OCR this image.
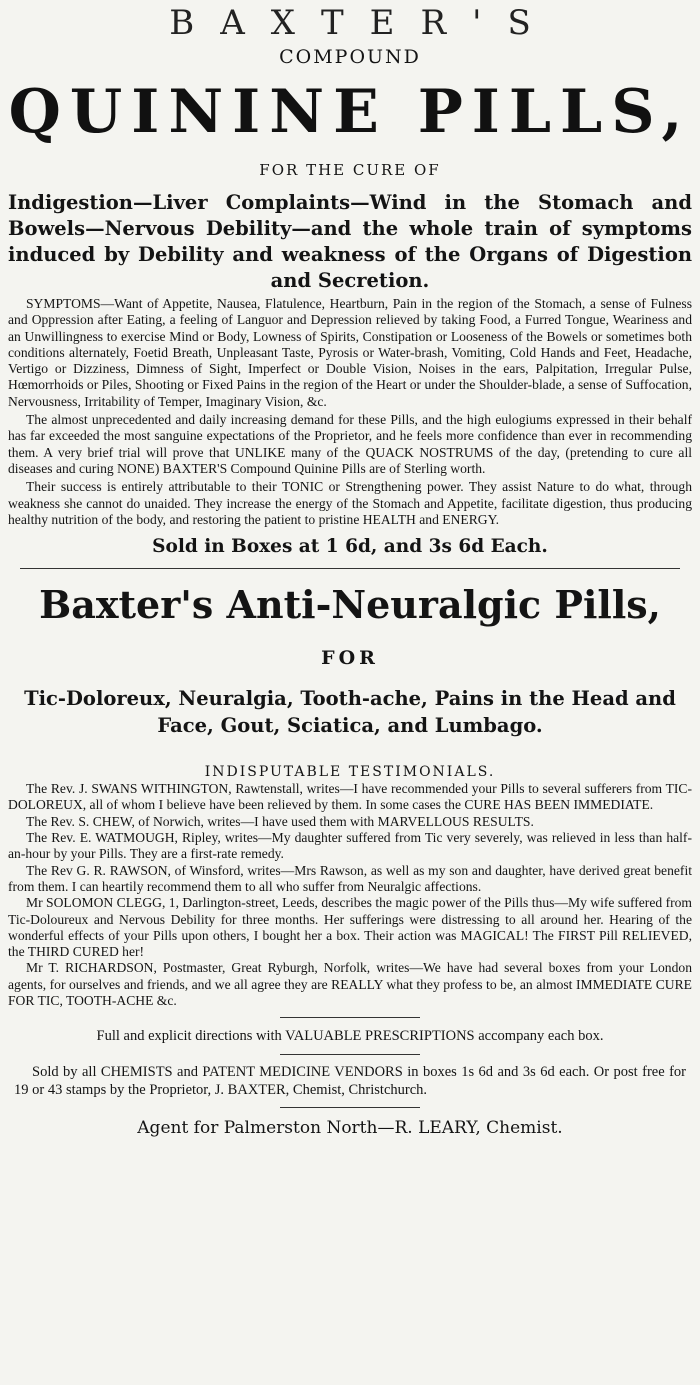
BAXTER'S

COMPOUND

QUININE PILLS,

FOR THE CURE OF

Indigestion—Liver Complaints—Wind in the Stomach and Bowels—Nervous Debility—and the whole train of symptoms induced by Debility and weakness of the Organs of Digestion and Secretion.

SYMPTOMS—Want of Appetite, Nausea, Flatulence, Heartburn, Pain in the region of the Stomach, a sense of Fulness and Oppression after Eating, a feeling of Languor and Depression relieved by taking Food, a Furred Tongue, Weariness and an Unwillingness to exercise Mind or Body, Lowness of Spirits, Constipation or Looseness of the Bowels or sometimes both conditions alternately, Foetid Breath, Unpleasant Taste, Pyrosis or Water-brash, Vomiting, Cold Hands and Feet, Headache, Vertigo or Dizziness, Dimness of Sight, Imperfect or Double Vision, Noises in the ears, Palpitation, Irregular Pulse, Hœmorrhoids or Piles, Shooting or Fixed Pains in the region of the Heart or under the Shoulder-blade, a sense of Suffocation, Nervousness, Irritability of Temper, Imaginary Vision, &c.

The almost unprecedented and daily increasing demand for these Pills, and the high eulogiums expressed in their behalf has far exceeded the most sanguine expectations of the Proprietor, and he feels more confidence than ever in recommending them. A very brief trial will prove that UNLIKE many of the QUACK NOSTRUMS of the day, (pretending to cure all diseases and curing NONE) BAXTER'S Compound Quinine Pills are of Sterling worth.

Their success is entirely attributable to their TONIC or Strengthening power. They assist Nature to do what, through weakness she cannot do unaided. They increase the energy of the Stomach and Appetite, facilitate digestion, thus producing healthy nutrition of the body, and restoring the patient to pristine HEALTH and ENERGY.

Sold in Boxes at 1 6d, and 3s 6d Each.

Baxter's Anti-Neuralgic Pills,

FOR

Tic-Doloreux, Neuralgia, Tooth-ache, Pains in the Head and Face, Gout, Sciatica, and Lumbago.

INDISPUTABLE TESTIMONIALS.

The Rev. J. SWANS WITHINGTON, Rawtenstall, writes—I have recommended your Pills to several sufferers from TIC-DOLOREUX, all of whom I believe have been relieved by them. In some cases the CURE HAS BEEN IMMEDIATE.

The Rev. S. CHEW, of Norwich, writes—I have used them with MARVELLOUS RESULTS.

The Rev. E. WATMOUGH, Ripley, writes—My daughter suffered from Tic very severely, was relieved in less than half-an-hour by your Pills. They are a first-rate remedy.

The Rev G. R. RAWSON, of Winsford, writes—Mrs Rawson, as well as my son and daughter, have derived great benefit from them. I can heartily recommend them to all who suffer from Neuralgic affections.

Mr SOLOMON CLEGG, 1, Darlington-street, Leeds, describes the magic power of the Pills thus—My wife suffered from Tic-Doloureux and Nervous Debility for three months. Her sufferings were distressing to all around her. Hearing of the wonderful effects of your Pills upon others, I bought her a box. Their action was MAGICAL! The FIRST Pill RELIEVED, the THIRD CURED her!

Mr T. RICHARDSON, Postmaster, Great Ryburgh, Norfolk, writes—We have had several boxes from your London agents, for ourselves and friends, and we all agree they are REALLY what they profess to be, an almost IMMEDIATE CURE FOR TIC, TOOTH-ACHE &c.

Full and explicit directions with VALUABLE PRESCRIPTIONS accompany each box.

Sold by all CHEMISTS and PATENT MEDICINE VENDORS in boxes 1s 6d and 3s 6d each. Or post free for 19 or 43 stamps by the Proprietor, J. BAXTER, Chemist, Christchurch.

Agent for Palmerston North—R. LEARY, Chemist.
